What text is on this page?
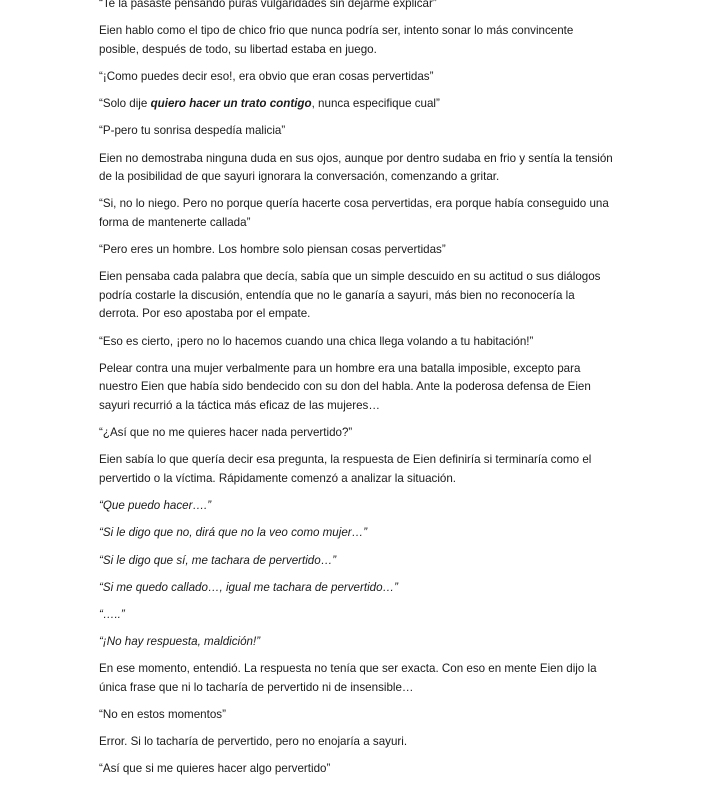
“Te la pasaste pensando puras vulgaridades sin dejarme explicar”

Eien hablo como el tipo de chico frio que nunca podría ser, intento sonar lo más convincente posible, después de todo, su libertad estaba en juego.

“¡Como puedes decir eso!, era obvio que eran cosas pervertidas”

“Solo dije quiero hacer un trato contigo, nunca especifique cual”

“P-pero tu sonrisa despedía malicia”

Eien no demostraba ninguna duda en sus ojos, aunque por dentro sudaba en frio y sentía la tensión de la posibilidad de que sayuri ignorara la conversación, comenzando a gritar.

“Si, no lo niego. Pero no porque quería hacerte cosa pervertidas, era porque había conseguido una forma de mantenerte callada”

“Pero eres un hombre. Los hombre solo piensan cosas pervertidas”

Eien pensaba cada palabra que decía, sabía que un simple descuido en su actitud o sus diálogos podría costarle la discusión, entendía que no le ganaría a sayuri, más bien no reconocería la derrota. Por eso apostaba por el empate.

“Eso es cierto, ¡pero no lo hacemos cuando una chica llega volando a tu habitación!”

Pelear contra una mujer verbalmente para un hombre era una batalla imposible, excepto para nuestro Eien que había sido bendecido con su don del habla. Ante la poderosa defensa de Eien sayuri recurrió a la táctica más eficaz de las mujeres…

“¿Así que no me quieres hacer nada pervertido?”

Eien sabía lo que quería decir esa pregunta, la respuesta de Eien definiría si terminaría como el pervertido o la víctima. Rápidamente comenzó a analizar la situación.

“Que puedo hacer….”

“Si le digo que no, dirá que no la veo como mujer…”

“Si le digo que sí, me tachara de pervertido…”

“Si me quedo callado…, igual me tachara de pervertido…”

“…..”

“¡No hay respuesta, maldición!”

En ese momento, entendió. La respuesta no tenía que ser exacta. Con eso en mente Eien dijo la única frase que ni lo tacharía de pervertido ni de insensible…

“No en estos momentos”

Error. Si lo tacharía de pervertido, pero no enojaría a sayuri.

“Así que si me quieres hacer algo pervertido”
